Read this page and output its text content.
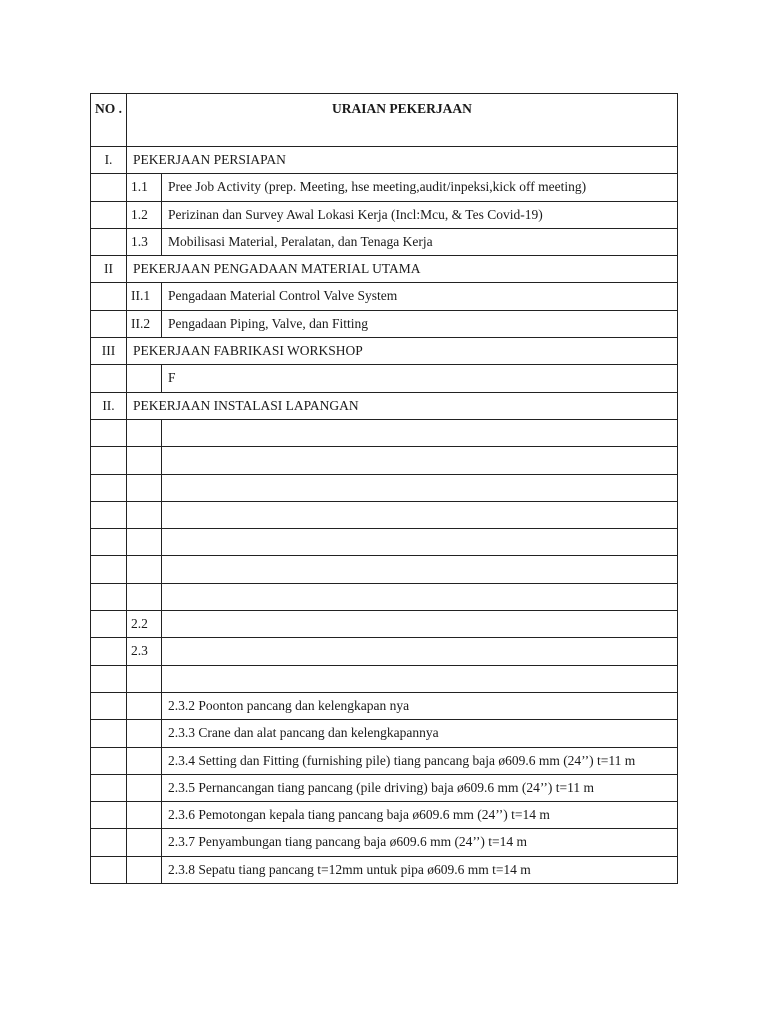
NO .	URAIAN PEKERJAAN	
I.	PEKERJAAN PERSIAPAN	
	1.1	Pree Job Activity (prep. Meeting, hse meeting,audit/inpeksi,kick off meeting)
	1.2	Perizinan dan Survey Awal Lokasi Kerja (Incl:Mcu, & Tes Covid-19)
	1.3	Mobilisasi Material, Peralatan, dan Tenaga Kerja
II	PEKERJAAN PENGADAAN MATERIAL UTAMA	
	II.1	Pengadaan Material Control Valve System
	II.2	Pengadaan Piping, Valve, dan Fitting
III	PEKERJAAN FABRIKASI WORKSHOP	
		F
II.	PEKERJAAN INSTALASI LAPANGAN	

	2.2	
	2.3	

		2.3.2 Poonton pancang dan kelengkapan nya
		2.3.3 Crane dan alat pancang dan kelengkapannya
		2.3.4 Setting dan Fitting (furnishing pile) tiang pancang baja ø609.6 mm (24’’) t=11 m
		2.3.5 Pernancangan tiang pancang (pile driving) baja ø609.6 mm (24’’) t=11 m
		2.3.6 Pemotongan kepala tiang pancang baja ø609.6 mm (24’’) t=14 m
		2.3.7 Penyambungan tiang pancang baja ø609.6 mm (24’’) t=14 m
		2.3.8 Sepatu tiang pancang t=12mm untuk pipa ø609.6 mm t=14 m
